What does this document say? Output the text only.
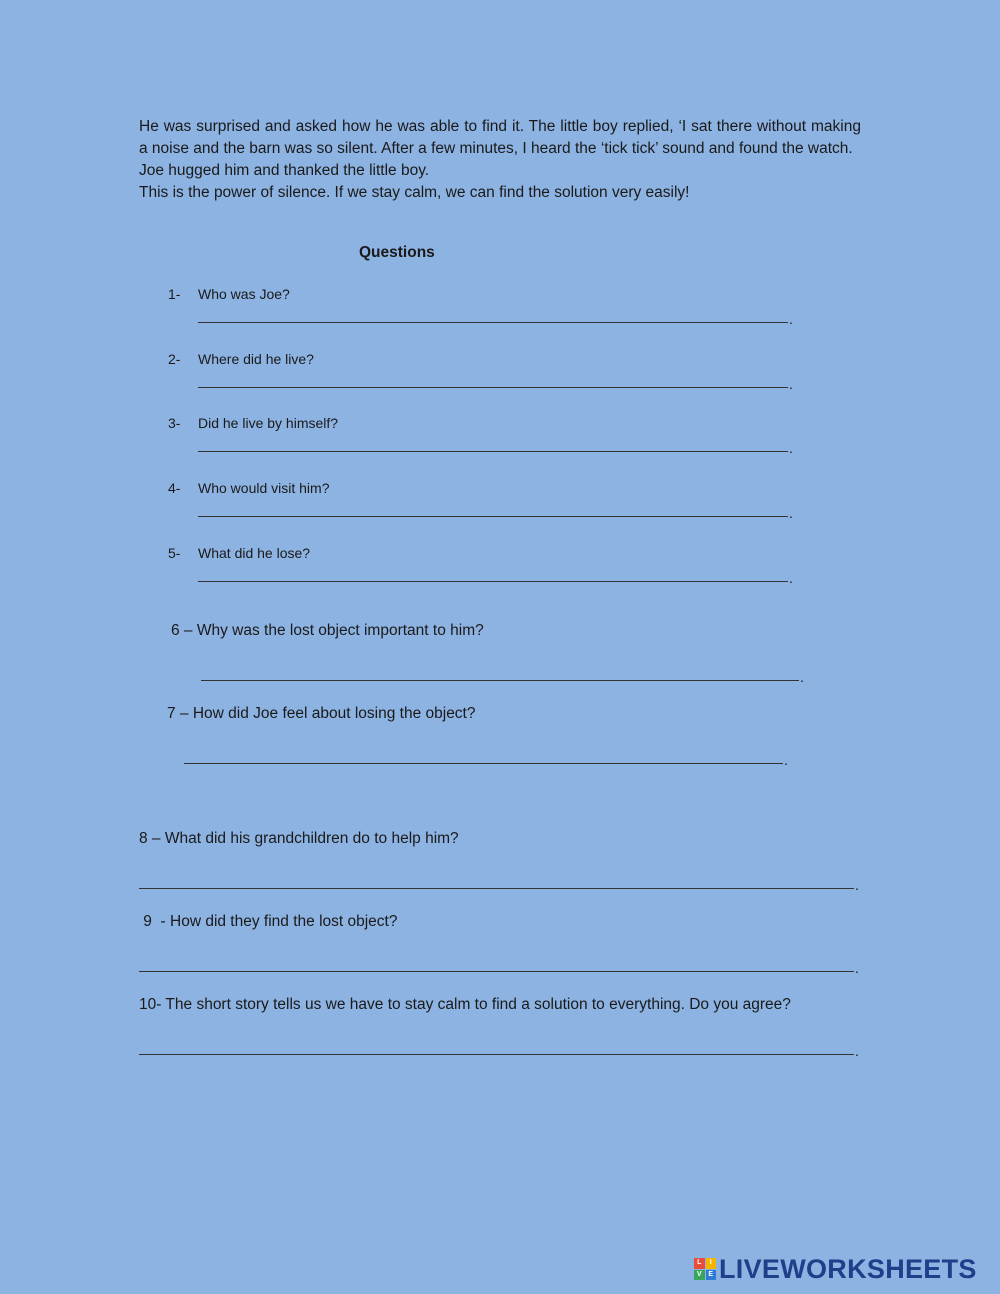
He was surprised and asked how he was able to find it. The little boy replied, ‘I sat there without making a noise and the barn was so silent. After a few minutes, I heard the ‘tick tick’ sound and found the watch.

Joe hugged him and thanked the little boy.

This is the power of silence. If we stay calm, we can find the solution very easily!

Questions
1- Who was Joe?
.
2- Where did he live?
.
3- Did he live by himself?
.
4- Who would visit him?
.
5- What did he lose?
.
6 – Why was the lost object important to him?
.
7 – How did Joe feel about losing the object?
.
8 – What did his grandchildren do to help him?
.
9  - How did they find the lost object?
.
10- The short story tells us we have to stay calm to find a solution to everything. Do you agree?
.
L	I
V E LIVEWORKSHEETS
